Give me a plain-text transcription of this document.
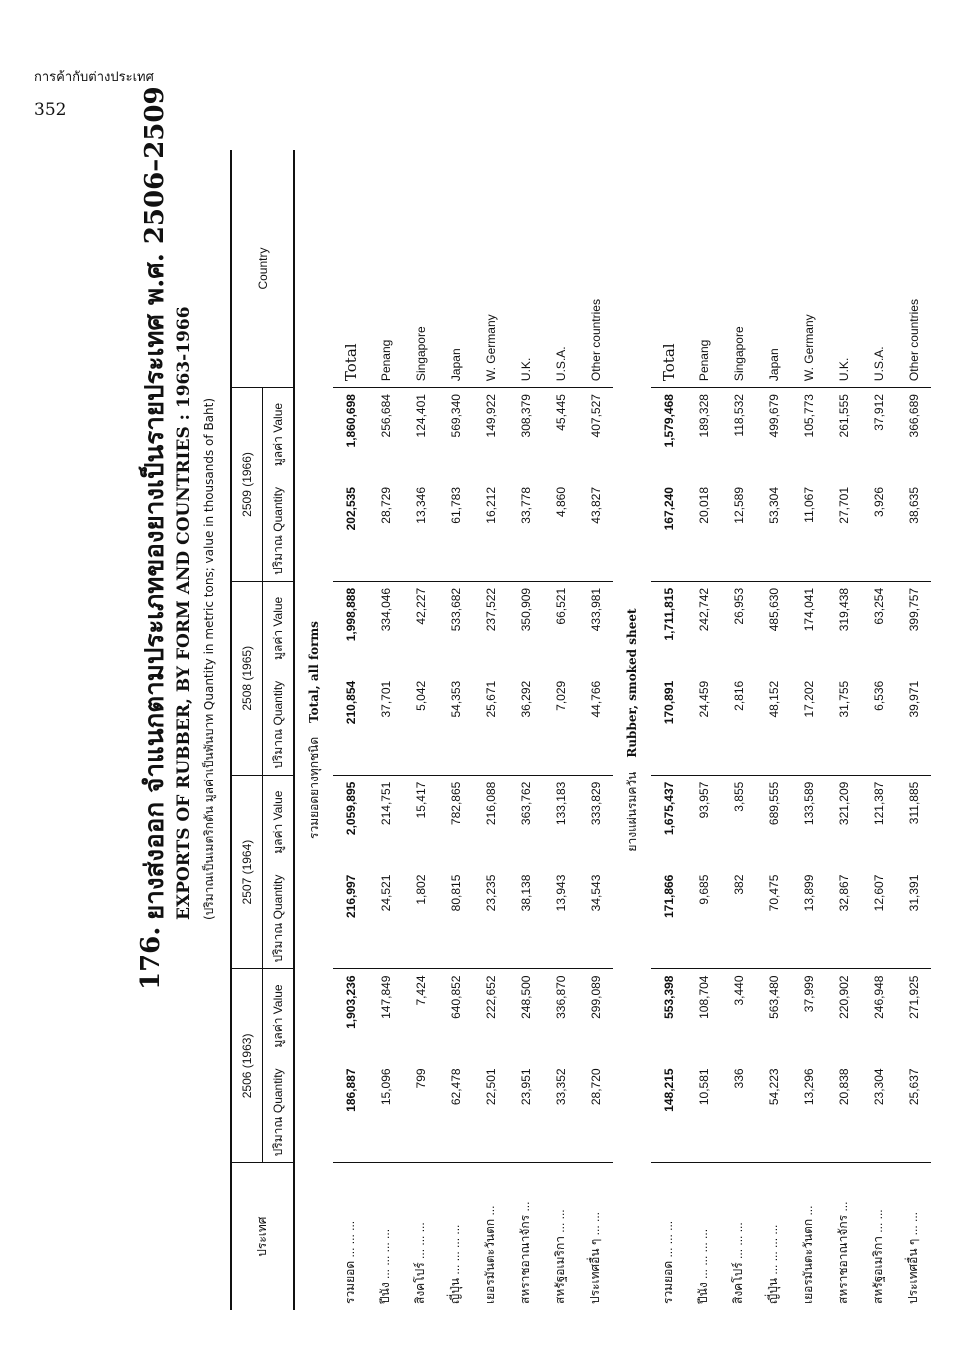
การค้ากับต่างประเทศ
352
176.
ยางส่งออก จำแนกตามประเภทของยางเป็นรายประเทศ พ.ศ. 2506–2509 EXPORTS OF RUBBER, BY FORM AND COUNTRIES : 1963-1966 (ปริมาณเป็นเมตริกตัน มูลค่าเป็นพันบาท Quantity in metric tons; value in thousands of Baht)
ประเทศ	2506 (1963)		2507 (1964)		2508 (1965)		2509 (1966)		Country
	ปริมาณ Quantity	มูลค่า Value	ปริมาณ Quantity	มูลค่า Value	ปริมาณ Quantity	มูลค่า Value	ปริมาณ Quantity	มูลค่า Value	
รวมยอดยางทุกชนิดTotal, all forms									
รวมยอด ... ... ...	186,887	1,903,236	216,997	2,059,895	210,854	1,998,888	202,535	1,860,698	Total
ปีนัง ... ... ... ...	15,096	147,849	24,521	214,751	37,701	334,046	28,729	256,684	Penang
สิงคโปร์ ... ... ...	799	7,424	1,802	15,417	5,042	42,227	13,346	124,401	Singapore
ญี่ปุ่น ... ... ... ...	62,478	640,852	80,815	782,865	54,353	533,682	61,783	569,340	Japan
เยอรมันตะวันตก ...	22,501	222,652	23,235	216,088	25,671	237,522	16,212	149,922	W. Germany
สหราชอาณาจักร ...	23,951	248,500	38,138	363,762	36,292	350,909	33,778	308,379	U.K.
สหรัฐอเมริกา ... ...	33,352	336,870	13,943	133,183	7,029	66,521	4,860	45,445	U.S.A.
ประเทศอื่น ๆ ... ...	28,720	299,089	34,543	333,829	44,766	433,981	43,827	407,527	Other countries
ยางแผ่นรมควันRubber, smoked sheet									
รวมยอด ... ... ...	148,215	553,398	171,866	1,675,437	170,891	1,711,815	167,240	1,579,468	Total
ปีนัง ... ... ... ...	10,581	108,704	9,685	93,957	24,459	242,742	20,018	189,328	Penang
สิงคโปร์ ... ... ...	336	3,440	382	3,855	2,816	26,953	12,589	118,532	Singapore
ญี่ปุ่น ... ... ... ...	54,223	563,480	70,475	689,555	48,152	485,630	53,304	499,679	Japan
เยอรมันตะวันตก ...	13,296	37,999	13,899	133,589	17,202	174,041	11,067	105,773	W. Germany
สหราชอาณาจักร ...	20,838	220,902	32,867	321,209	31,755	319,438	27,701	261,555	U.K.
สหรัฐอเมริกา ... ...	23,304	246,948	12,607	121,387	6,536	63,254	3,926	37,912	U.S.A.
ประเทศอื่น ๆ ... ...	25,637	271,925	31,391	311,885	39,971	399,757	38,635	366,689	Other countries
